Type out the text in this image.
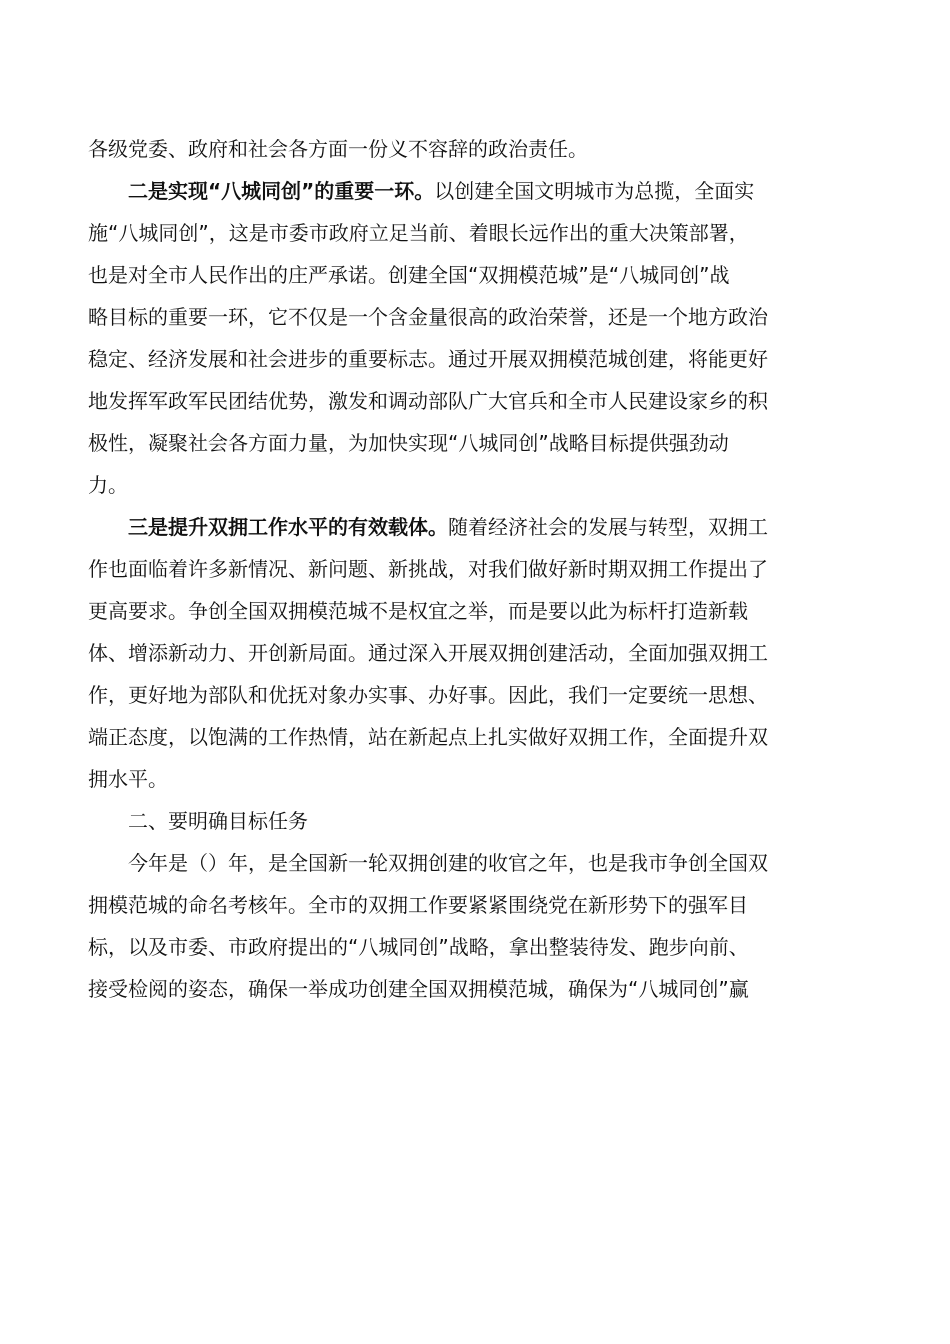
各级党委、政府和社会各方面一份义不容辞的政治责任。
二是实现“八城同创”的重要一环。以创建全国文明城市为总揽，全面实
施“八城同创”，这是市委市政府立足当前、着眼长远作出的重大决策部署，
也是对全市人民作出的庄严承诺。创建全国“双拥模范城”是“八城同创”战
略目标的重要一环，它不仅是一个含金量很高的政治荣誉，还是一个地方政治
稳定、经济发展和社会进步的重要标志。通过开展双拥模范城创建，将能更好
地发挥军政军民团结优势，激发和调动部队广大官兵和全市人民建设家乡的积
极性，凝聚社会各方面力量，为加快实现“八城同创”战略目标提供强劲动
力。
三是提升双拥工作水平的有效载体。随着经济社会的发展与转型，双拥工
作也面临着许多新情况、新问题、新挑战，对我们做好新时期双拥工作提出了
更高要求。争创全国双拥模范城不是权宜之举，而是要以此为标杆打造新载
体、增添新动力、开创新局面。通过深入开展双拥创建活动，全面加强双拥工
作，更好地为部队和优抚对象办实事、办好事。因此，我们一定要统一思想、
端正态度，以饱满的工作热情，站在新起点上扎实做好双拥工作，全面提升双
拥水平。
二、要明确目标任务
今年是（）年，是全国新一轮双拥创建的收官之年，也是我市争创全国双
拥模范城的命名考核年。全市的双拥工作要紧紧围绕党在新形势下的强军目
标，以及市委、市政府提出的“八城同创”战略，拿出整装待发、跑步向前、
接受检阅的姿态，确保一举成功创建全国双拥模范城，确保为“八城同创”赢
